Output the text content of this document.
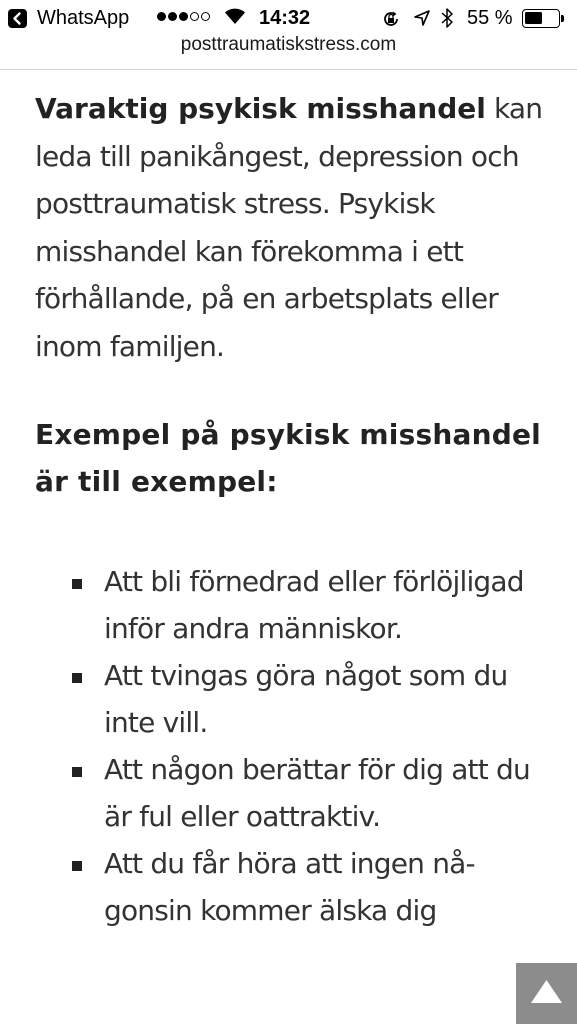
WhatsApp	14:32	55 %
posttraumatiskstress.com

Varaktig psykisk misshandel kan leda till panikångest, depression och posttraumatisk stress. Psykisk misshandel kan förekomma i ett förhållande, på en arbetsplats eller inom familjen.

Exempel på psykisk misshandel är till exempel:
Att bli förnedrad eller förlöjligad inför andra människor.
Att tvingas göra något som du inte vill.
Att någon berättar för dig att du är ful eller oattraktiv.
Att du får höra att ingen någonsin kommer älska dig
